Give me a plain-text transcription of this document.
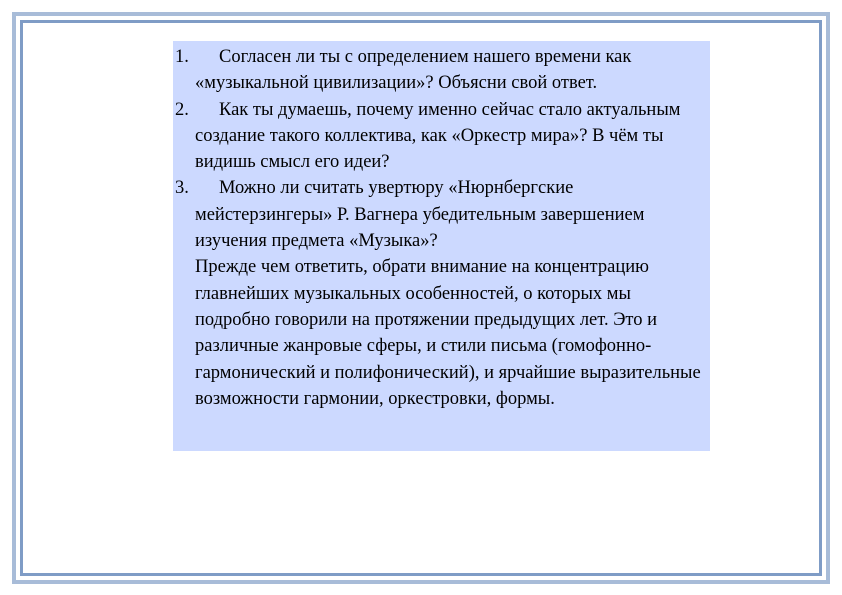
1.	Согласен ли ты с определением нашего времени как «музыкальной цивилизации»? Объясни свой ответ.
2.	Как ты думаешь, почему именно сейчас стало актуальным создание такого коллектива, как «Оркестр мира»? В чём ты видишь смысл его идеи?
3.	Можно ли считать увертюру «Нюрнбергские мейстерзингеры» Р. Вагнера убедительным завершением изучения предмета «Музыка»?
Прежде чем ответить, обрати внимание на концентрацию главнейших музыкальных особенностей, о которых мы подробно говорили на протяжении предыдущих лет. Это и различные жанровые сферы, и стили письма (гомофонно-гармонический и полифонический), и ярчайшие выразительные возможности гармонии, оркестровки, формы.
